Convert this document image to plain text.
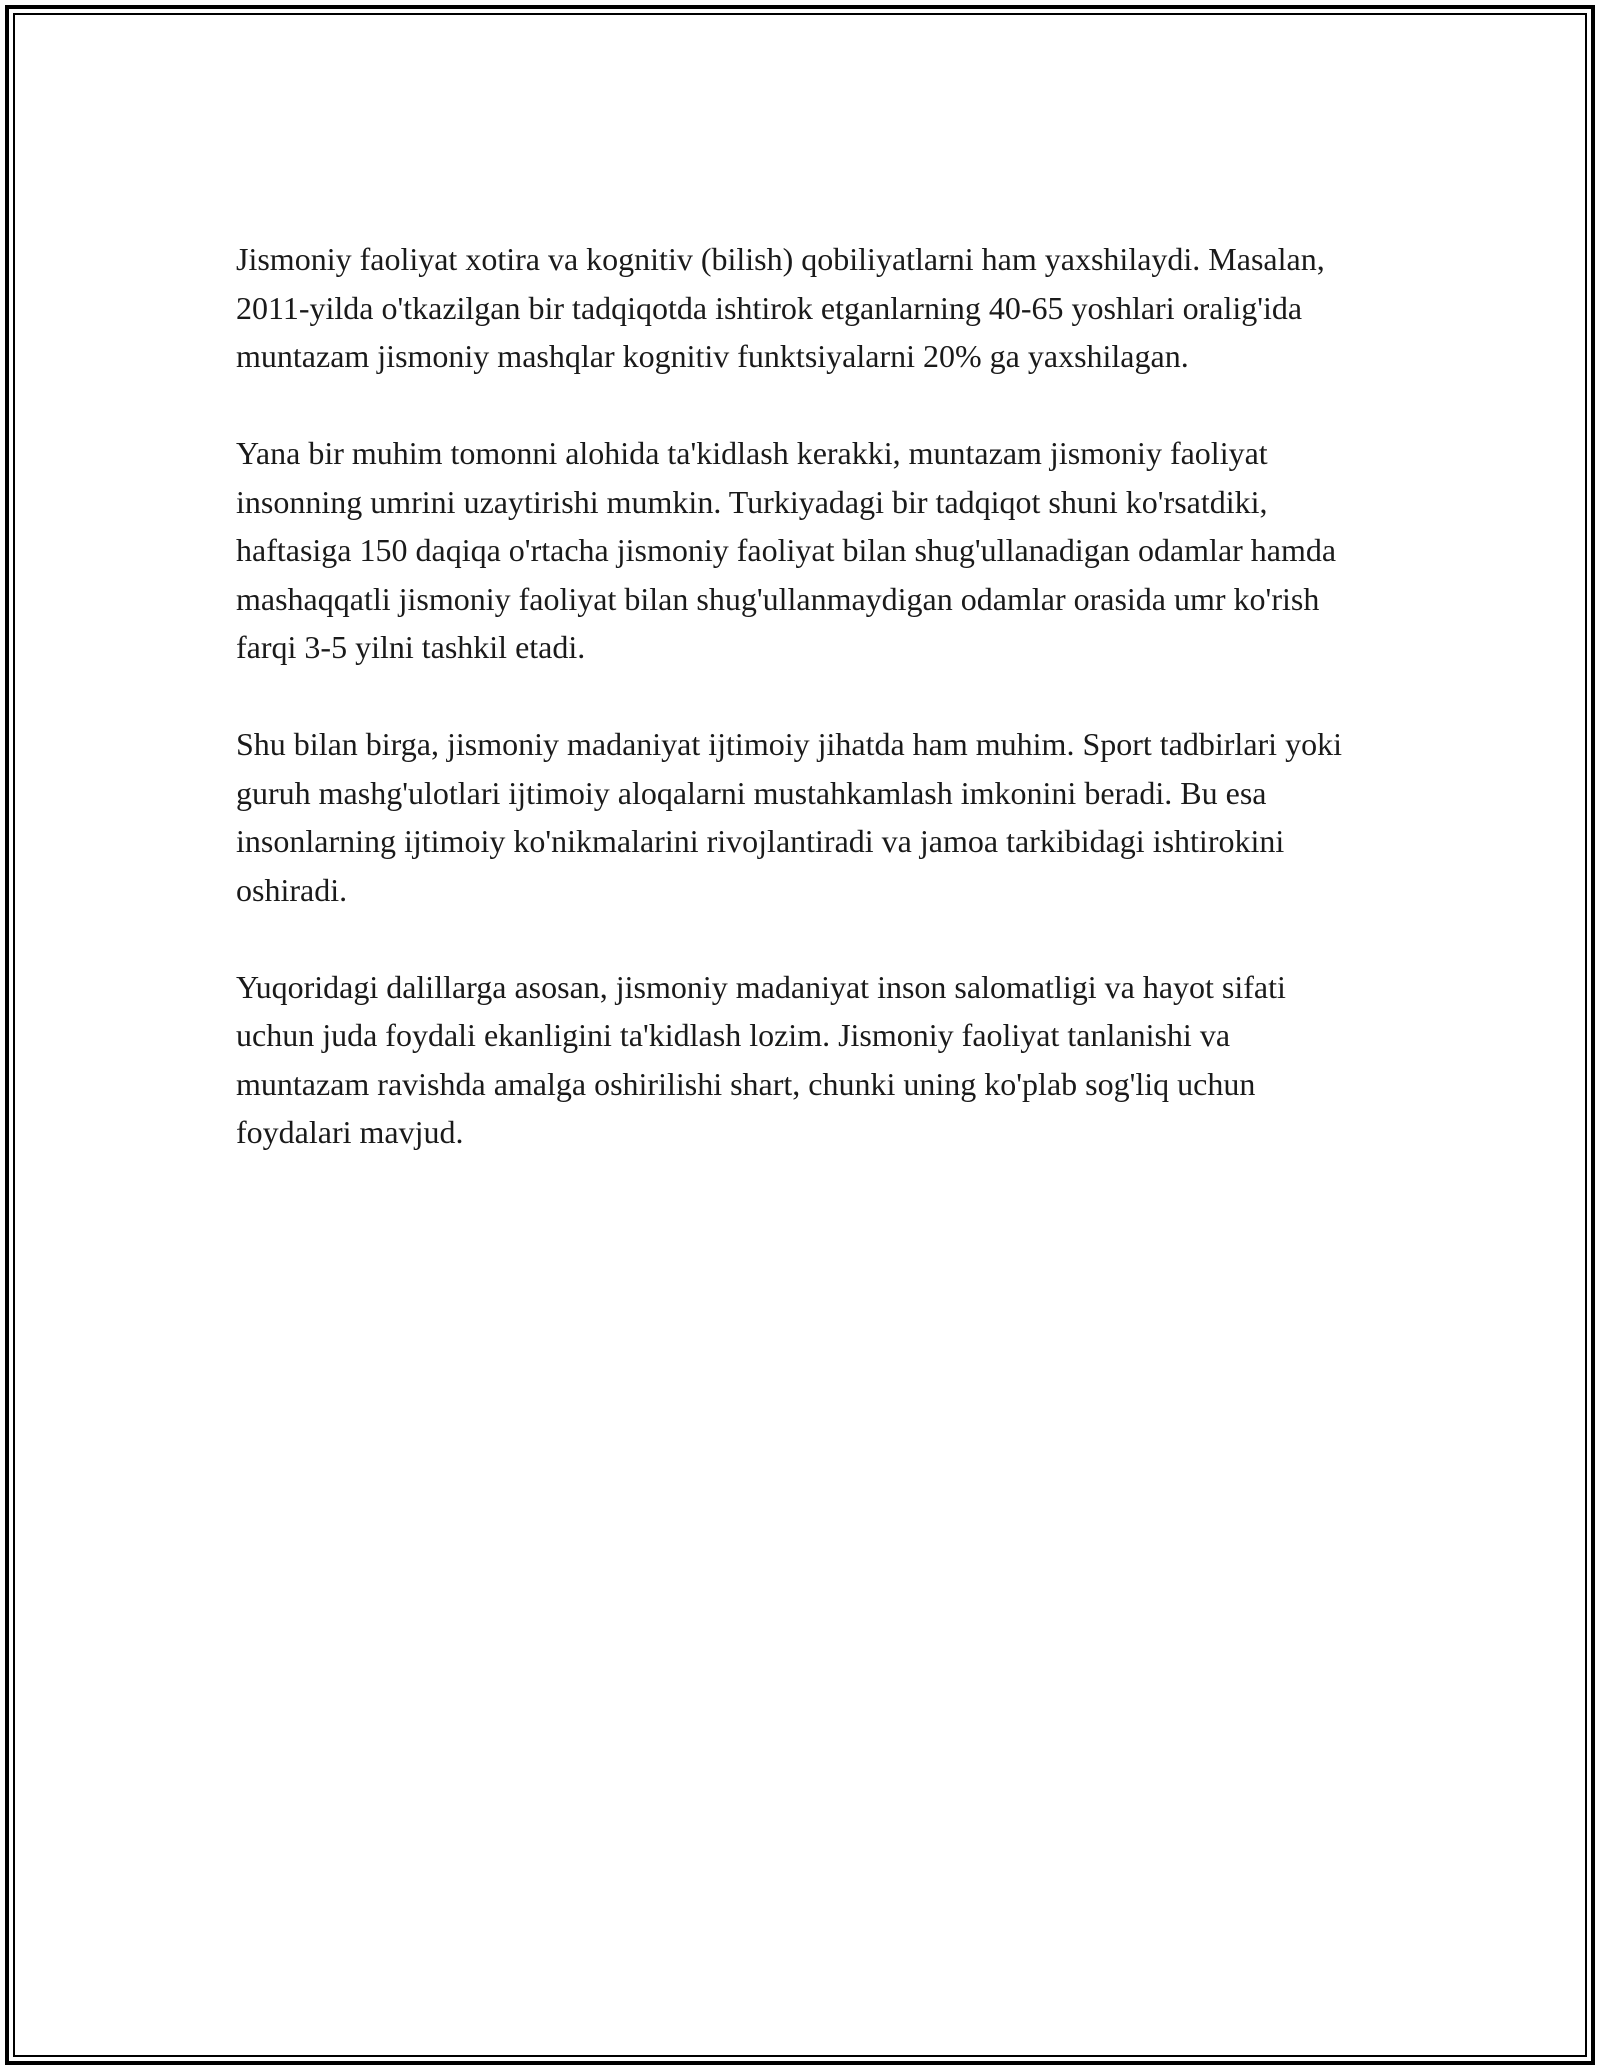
Jismoniy faoliyat xotira va kognitiv (bilish) qobiliyatlarni ham yaxshilaydi. Masalan, 2011-yilda o'tkazilgan bir tadqiqotda ishtirok etganlarning 40-65 yoshlari oralig'ida muntazam jismoniy mashqlar kognitiv funktsiyalarni 20% ga yaxshilagan.

Yana bir muhim tomonni alohida ta'kidlash kerakki, muntazam jismoniy faoliyat insonning umrini uzaytirishi mumkin. Turkiyadagi bir tadqiqot shuni ko'rsatdiki, haftasiga 150 daqiqa o'rtacha jismoniy faoliyat bilan shug'ullanadigan odamlar hamda mashaqqatli jismoniy faoliyat bilan shug'ullanmaydigan odamlar orasida umr ko'rish farqi 3-5 yilni tashkil etadi.

Shu bilan birga, jismoniy madaniyat ijtimoiy jihatda ham muhim. Sport tadbirlari yoki guruh mashg'ulotlari ijtimoiy aloqalarni mustahkamlash imkonini beradi. Bu esa insonlarning ijtimoiy ko'nikmalarini rivojlantiradi va jamoa tarkibidagi ishtirokini oshiradi.

Yuqoridagi dalillarga asosan, jismoniy madaniyat inson salomatligi va hayot sifati uchun juda foydali ekanligini ta'kidlash lozim. Jismoniy faoliyat tanlanishi va muntazam ravishda amalga oshirilishi shart, chunki uning ko'plab sog'liq uchun foydalari mavjud.
